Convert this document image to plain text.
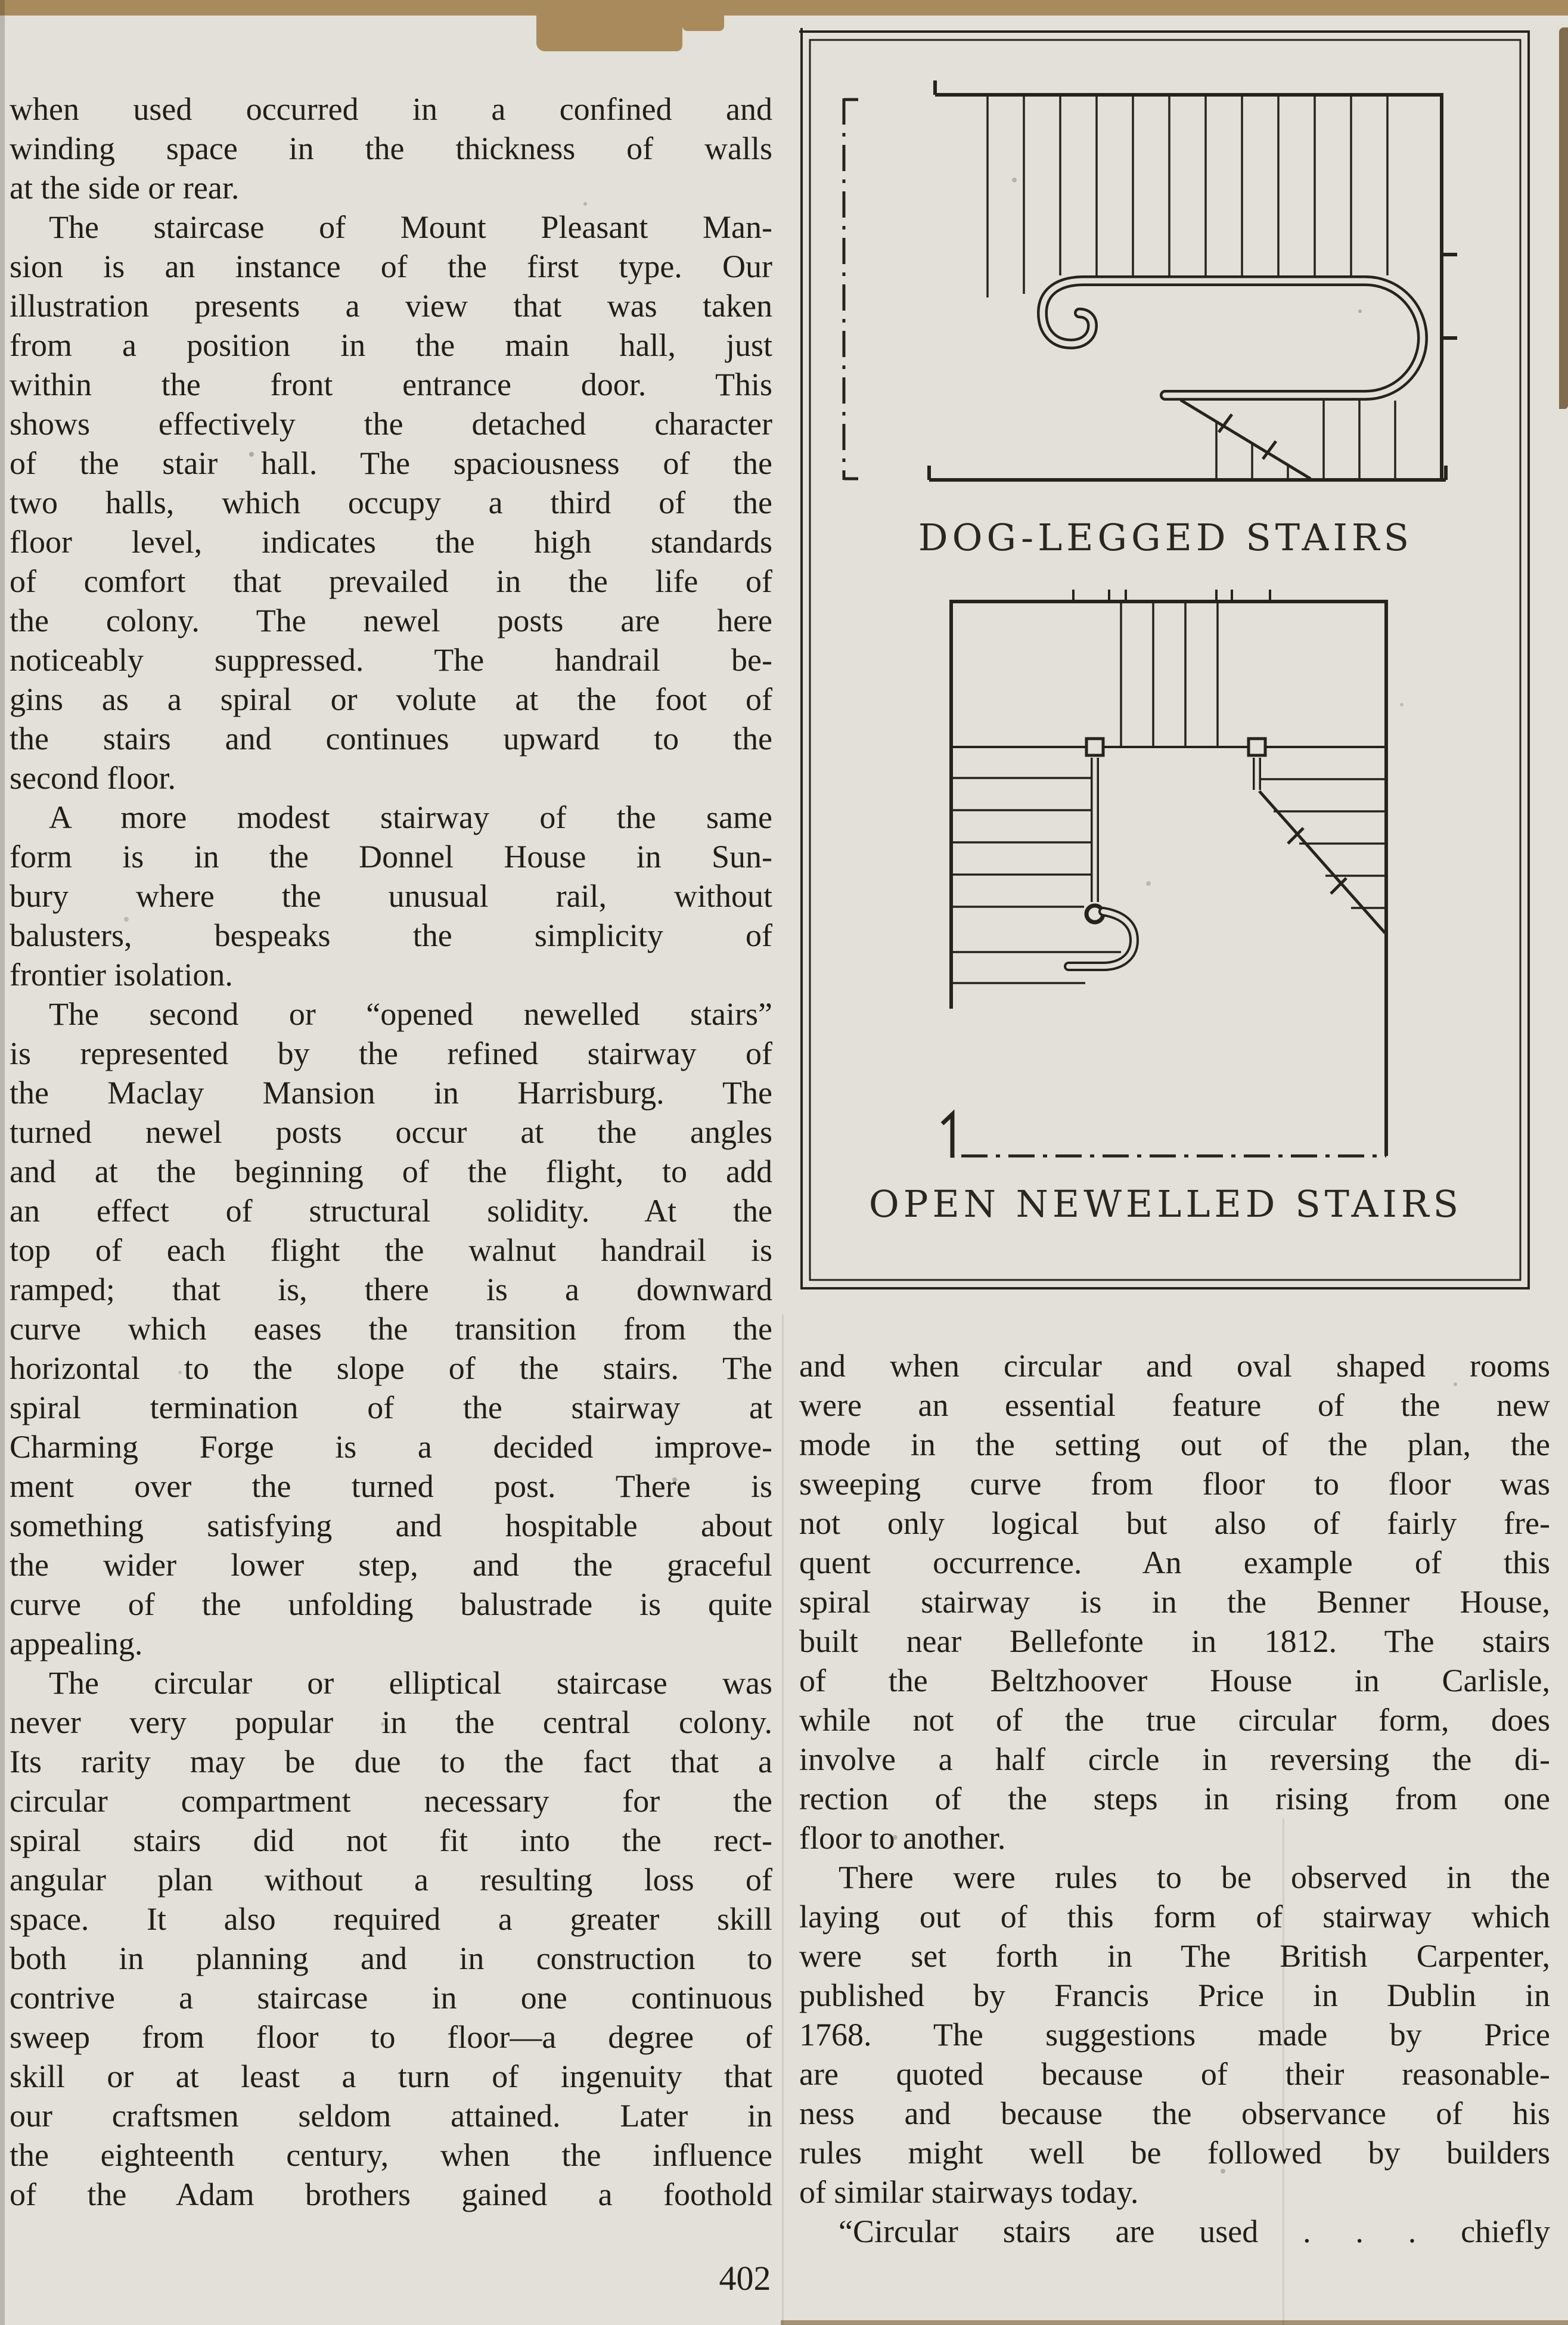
when used occurred in a confined and
winding space in the thickness of walls
at the side or rear.
The staircase of Mount Pleasant Man-
sion is an instance of the first type. Our
illustration presents a view that was taken
from a position in the main hall, just
within the front entrance door. This
shows effectively the detached character
of the stair hall. The spaciousness of the
two halls, which occupy a third of the
floor level, indicates the high standards
of comfort that prevailed in the life of
the colony. The newel posts are here
noticeably suppressed. The handrail be-
gins as a spiral or volute at the foot of
the stairs and continues upward to the
second floor.
A more modest stairway of the same
form is in the Donnel House in Sun-
bury where the unusual rail, without
balusters, bespeaks the simplicity of
frontier isolation.
The second or “opened newelled stairs”
is represented by the refined stairway of
the Maclay Mansion in Harrisburg. The
turned newel posts occur at the angles
and at the beginning of the flight, to add
an effect of structural solidity. At the
top of each flight the walnut handrail is
ramped; that is, there is a downward
curve which eases the transition from the
horizontal to the slope of the stairs. The
spiral termination of the stairway at
Charming Forge is a decided improve-
ment over the turned post. There is
something satisfying and hospitable about
the wider lower step, and the graceful
curve of the unfolding balustrade is quite
appealing.
The circular or elliptical staircase was
never very popular in the central colony.
Its rarity may be due to the fact that a
circular compartment necessary for the
spiral stairs did not fit into the rect-
angular plan without a resulting loss of
space. It also required a greater skill
both in planning and in construction to
contrive a staircase in one continuous
sweep from floor to floor—a degree of
skill or at least a turn of ingenuity that
our craftsmen seldom attained. Later in
the eighteenth century, when the influence
of the Adam brothers gained a foothold
and when circular and oval shaped rooms
were an essential feature of the new
mode in the setting out of the plan, the
sweeping curve from floor to floor was
not only logical but also of fairly fre-
quent occurrence. An example of this
spiral stairway is in the Benner House,
built near Bellefonte in 1812. The stairs
of the Beltzhoover House in Carlisle,
while not of the true circular form, does
involve a half circle in reversing the di-
rection of the steps in rising from one
floor to another.
There were rules to be observed in the
laying out of this form of stairway which
were set forth in The British Carpenter,
published by Francis Price in Dublin in
1768. The suggestions made by Price
are quoted because of their reasonable-
ness and because the observance of his
rules might well be followed by builders
of similar stairways today.
“Circular stairs are used . . . chiefly
DOG-LEGGED STAIRS
OPEN NEWELLED STAIRS
402
